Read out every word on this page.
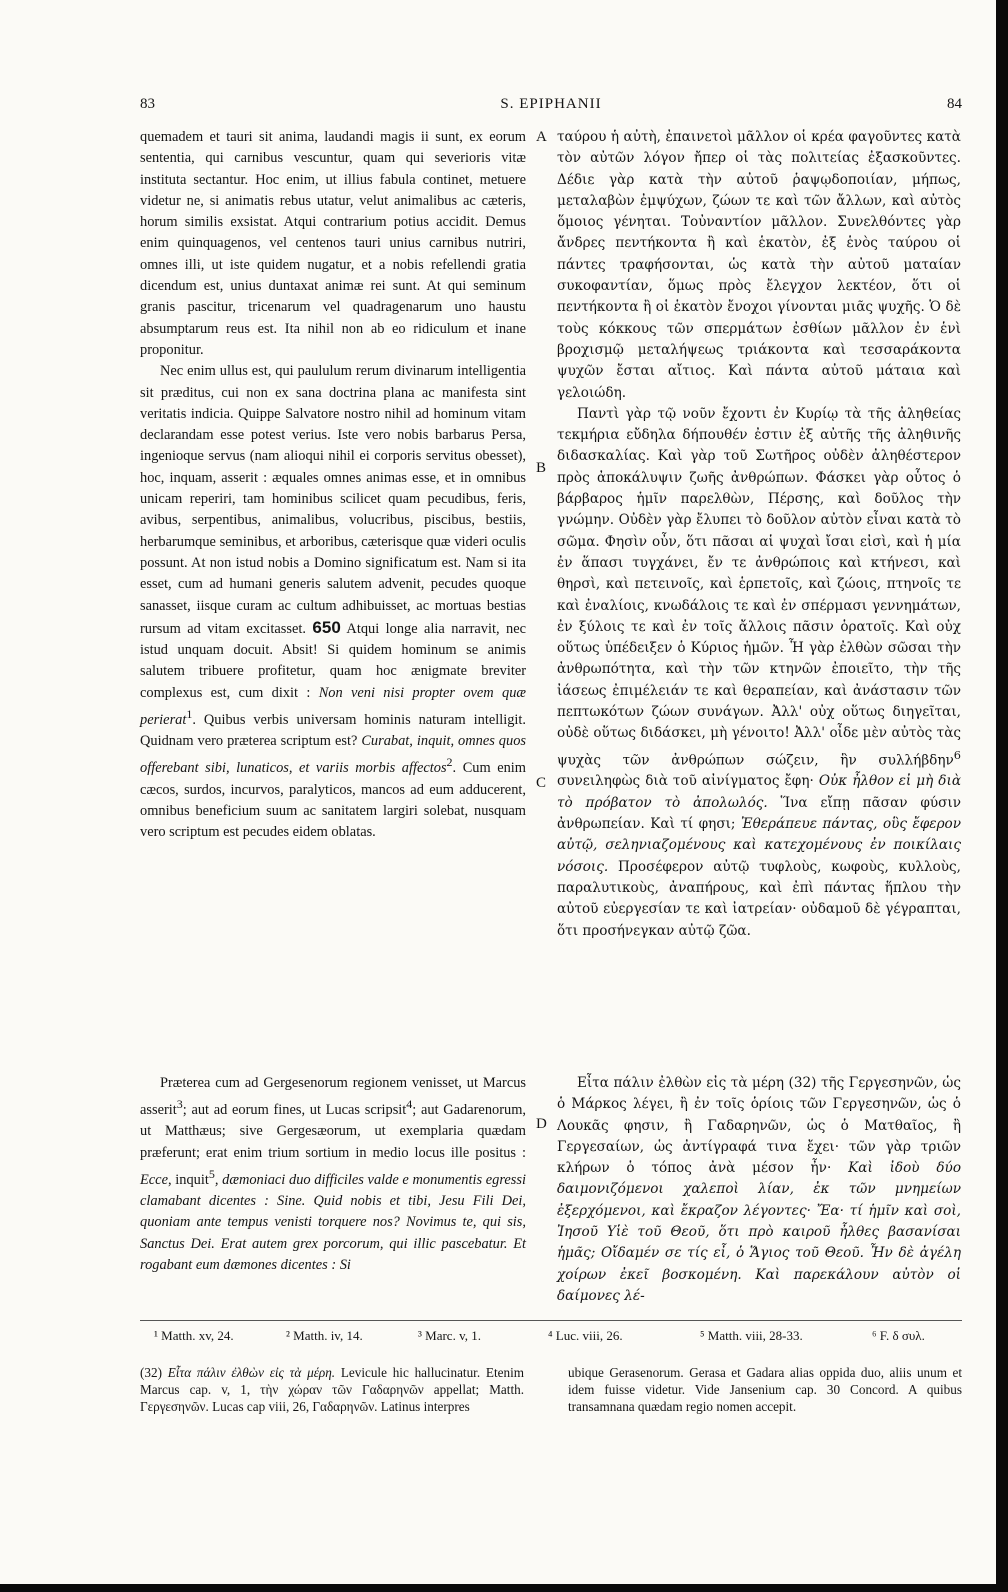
83	S. EPIPHANII	84

quemadem et tauri sit anima, laudandi magis ii sunt, ex eorum sententia, qui carnibus vescuntur, quam qui severioris vitæ instituta sectantur. Hoc enim, ut illius fabula continet, metuere videtur ne, si animatis rebus utatur, velut animalibus ac cæteris, horum similis exsistat. Atqui contrarium potius accidit. Demus enim quinquagenos, vel centenos tauri unius carnibus nutriri, omnes illi, ut iste quidem nugatur, et a nobis refellendi gratia dicendum est, unius duntaxat animæ rei sunt. At qui seminum granis pascitur, tricenarum vel quadragenarum uno haustu absumptarum reus est. Ita nihil non ab eo ridiculum et inane proponitur.

Nec enim ullus est, qui paululum rerum divinarum intelligentia sit præditus, cui non ex sana doctrina plana ac manifesta sint veritatis indicia. Quippe Salvatore nostro nihil ad hominum vitam declarandam esse potest verius. Iste vero nobis barbarus Persa, ingenioque servus (nam alioqui nihil ei corporis servitus obesset), hoc, inquam, asserit : æquales omnes animas esse, et in omnibus unicam reperiri, tam hominibus scilicet quam pecudibus, feris, avibus, serpentibus, animalibus, volucribus, piscibus, bestiis, herbarumque seminibus, et arboribus, cæterisque quæ videri oculis possunt. At non istud nobis a Domino significatum est. Nam si ita esset, cum ad humani generis salutem advenit, pecudes quoque sanasset, iisque curam ac cultum adhibuisset, ac mortuas bestias rursum ad vitam excitasset. 650 Atqui longe alia narravit, nec istud unquam docuit. Absit! Si quidem hominum se animis salutem tribuere profitetur, quam hoc ænigmate breviter complexus est, cum dixit : Non veni nisi propter ovem quæ perierat$^1$. Quibus verbis universam hominis naturam intelligit. Quidnam vero præterea scriptum est? Curabat, inquit, omnes quos offerebant sibi, lunaticos, et variis morbis affectos$^2$. Cum enim cæcos, surdos, incurvos, paralyticos, mancos ad eum adducerent, omnibus beneficium suum ac sanitatem largiri solebat, nusquam vero scriptum est pecudes eidem oblatas.

Præterea cum ad Gergesenorum regionem venisset, ut Marcus asserit$^3$; aut ad eorum fines, ut Lucas scripsit$^4$; aut Gadarenorum, ut Matthæus; sive Gergesæorum, ut exemplaria quædam præferunt; erat enim trium sortium in medio locus ille positus : Ecce, inquit$^5$, dæmoniaci duo difficiles valde e monumentis egressi clamabant dicentes : Sine. Quid nobis et tibi, Jesu Fili Dei, quoniam ante tempus venisti torquere nos? Novimus te, qui sis, Sanctus Dei. Erat autem grex porcorum, qui illic pascebatur. Et rogabant eum dæmones dicentes : Si

A
B
C
D

ταύρου ἡ αὐτὴ, ἐπαινετοὶ μᾶλλον οἱ κρέα φαγοῦντες κατὰ τὸν αὐτῶν λόγον ἤπερ οἱ τὰς πολιτείας ἐξασκοῦντες. Δέδιε γὰρ κατὰ τὴν αὐτοῦ ῥαψῳδοποιίαν, μήπως, μεταλαβὼν ἐμψύχων, ζώων τε καὶ τῶν ἄλλων, καὶ αὐτὸς ὅμοιος γένηται. Τοὐναντίον μᾶλλον. Συνελθόντες γὰρ ἄνδρες πεντήκοντα ἢ καὶ ἑκατὸν, ἐξ ἑνὸς ταύρου οἱ πάντες τραφήσονται, ὡς κατὰ τὴν αὐτοῦ ματαίαν συκοφαντίαν, ὅμως πρὸς ἔλεγχον λεκτέον, ὅτι οἱ πεντήκοντα ἢ οἱ ἑκατὸν ἔνοχοι γίνονται μιᾶς ψυχῆς. Ὁ δὲ τοὺς κόκκους τῶν σπερμάτων ἐσθίων μᾶλλον ἐν ἑνὶ βροχισμῷ μεταλήψεως τριάκοντα καὶ τεσσαράκοντα ψυχῶν ἔσται αἴτιος. Καὶ πάντα αὐτοῦ μάταια καὶ γελοιώδη.

Παντὶ γὰρ τῷ νοῦν ἔχοντι ἐν Κυρίῳ τὰ τῆς ἀληθείας τεκμήρια εὔδηλα δήπουθέν ἐστιν ἐξ αὐτῆς τῆς ἀληθινῆς διδασκαλίας. Καὶ γὰρ τοῦ Σωτῆρος οὐδὲν ἀληθέστερον πρὸς ἀποκάλυψιν ζωῆς ἀνθρώπων. Φάσκει γὰρ οὗτος ὁ βάρβαρος ἡμῖν παρελθὼν, Πέρσης, καὶ δοῦλος τὴν γνώμην. Οὐδὲν γὰρ ἔλυπει τὸ δοῦλον αὐτὸν εἶναι κατὰ τὸ σῶμα. Φησὶν οὖν, ὅτι πᾶσαι αἱ ψυχαὶ ἴσαι εἰσὶ, καὶ ἡ μία ἐν ἅπασι τυγχάνει, ἔν τε ἀνθρώποις καὶ κτήνεσι, καὶ θηρσὶ, καὶ πετεινοῖς, καὶ ἑρπετοῖς, καὶ ζώοις, πτηνοῖς τε καὶ ἐναλίοις, κνωδάλοις τε καὶ ἐν σπέρμασι γεννημάτων, ἐν ξύλοις τε καὶ ἐν τοῖς ἄλλοις πᾶσιν ὁρατοῖς. Καὶ οὐχ οὕτως ὑπέδειξεν ὁ Κύριος ἡμῶν. Ἧ γὰρ ἐλθὼν σῶσαι τὴν ἀνθρωπότητα, καὶ τὴν τῶν κτηνῶν ἐποιεῖτο, τὴν τῆς ἰάσεως ἐπιμέλειάν τε καὶ θεραπείαν, καὶ ἀνάστασιν τῶν πεπτωκότων ζώων συνάγων. Ἀλλ' οὐχ οὕτως διηγεῖται, οὐδὲ οὕτως διδάσκει, μὴ γένοιτο! Ἀλλ' οἶδε μὲν αὐτὸς τὰς ψυχὰς τῶν ἀνθρώπων σώζειν, ἣν συλλήβδην$^6$ συνειληφὼς διὰ τοῦ αἰνίγματος ἔφη· Οὐκ ἦλθον εἰ μὴ διὰ τὸ πρόβατον τὸ ἀπολωλός. Ἵνα εἴπῃ πᾶσαν φύσιν ἀνθρωπείαν. Καὶ τί φησι; Ἐθεράπευε πάντας, οὓς ἔφερον αὐτῷ, σεληνιαζομένους καὶ κατεχομένους ἐν ποικίλαις νόσοις. Προσέφερον αὐτῷ τυφλοὺς, κωφοὺς, κυλλοὺς, παραλυτικοὺς, ἀναπήρους, καὶ ἐπὶ πάντας ἥπλου τὴν αὐτοῦ εὐεργεσίαν τε καὶ ἰατρείαν· οὐδαμοῦ δὲ γέγραπται, ὅτι προσήνεγκαν αὐτῷ ζῶα.

Εἶτα πάλιν ἐλθὼν εἰς τὰ μέρη (32) τῆς Γεργεσηνῶν, ὡς ὁ Μάρκος λέγει, ἢ ἐν τοῖς ὁρίοις τῶν Γεργεσηνῶν, ὡς ὁ Λουκᾶς φησιν, ἢ Γαδαρηνῶν, ὡς ὁ Ματθαῖος, ἢ Γεργεσαίων, ὡς ἀντίγραφά τινα ἔχει· τῶν γὰρ τριῶν κλήρων ὁ τόπος ἀνὰ μέσον ἦν· Καὶ ἰδοὺ δύο δαιμονιζόμενοι χαλεποὶ λίαν, ἐκ τῶν μνημείων ἐξερχόμενοι, καὶ ἔκραζον λέγοντες· Ἔα· τί ἡμῖν καὶ σοὶ, Ἰησοῦ Υἱὲ τοῦ Θεοῦ, ὅτι πρὸ καιροῦ ἦλθες βασανίσαι ἡμᾶς; Οἴδαμέν σε τίς εἶ, ὁ Ἅγιος τοῦ Θεοῦ. Ἦν δὲ ἀγέλη χοίρων ἐκεῖ βοσκομένη. Καὶ παρεκάλουν αὐτὸν οἱ δαίμονες λέ-

¹ Matth. xv, 24.	² Matth. iv, 14.	³ Marc. v, 1.	⁴ Luc. viii, 26.	⁵ Matth. viii, 28-33.	⁶ F. δ συλ.
(32) Εἶτα πάλιν ἐλθὼν εἰς τὰ μέρη. Levicule hic hallucinatur. Etenim Marcus cap. v, 1, τὴν χώραν τῶν Γαδαρηνῶν appellat; Matth. Γεργεσηνῶν. Lucas cap viii, 26, Γαδαρηνῶν. Latinus interpres
ubique Gerasenorum. Gerasa et Gadara alias oppida duo, aliis unum et idem fuisse videtur. Vide Jansenium cap. 30 Concord. A quibus transamnana quædam regio nomen accepit.
